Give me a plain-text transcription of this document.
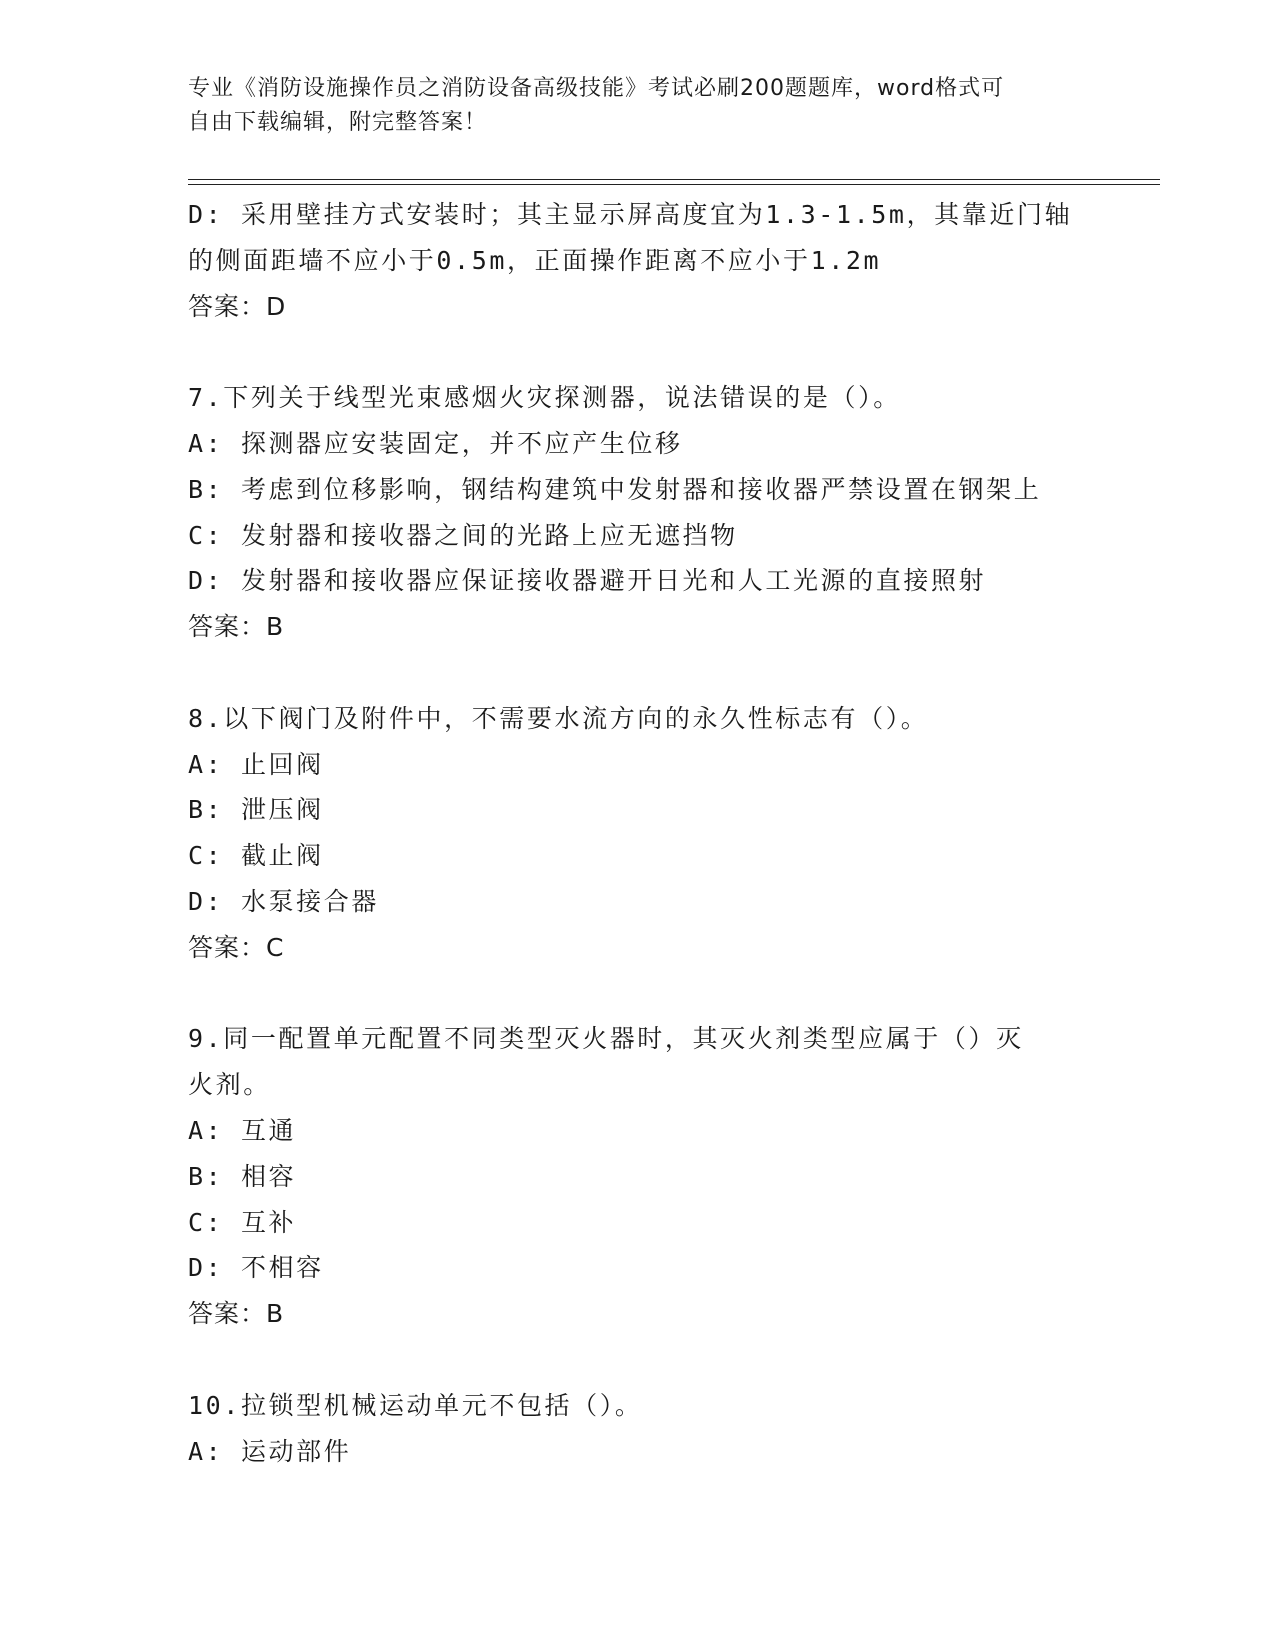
专业《消防设施操作员之消防设备高级技能》考试必刷200题题库，word格式可
自由下载编辑，附完整答案！
D: 采用壁挂方式安装时；其主显示屏高度宜为1.3-1.5m，其靠近门轴
的侧面距墙不应小于0.5m，正面操作距离不应小于1.2m
答案：D
7.下列关于线型光束感烟火灾探测器，说法错误的是（）。
A: 探测器应安装固定，并不应产生位移
B: 考虑到位移影响，钢结构建筑中发射器和接收器严禁设置在钢架上
C: 发射器和接收器之间的光路上应无遮挡物
D: 发射器和接收器应保证接收器避开日光和人工光源的直接照射
答案：B
8.以下阀门及附件中，不需要水流方向的永久性标志有（）。
A: 止回阀
B: 泄压阀
C: 截止阀
D: 水泵接合器
答案：C
9.同一配置单元配置不同类型灭火器时，其灭火剂类型应属于（）灭
火剂。
A: 互通
B: 相容
C: 互补
D: 不相容
答案：B
10.拉锁型机械运动单元不包括（）。
A: 运动部件
